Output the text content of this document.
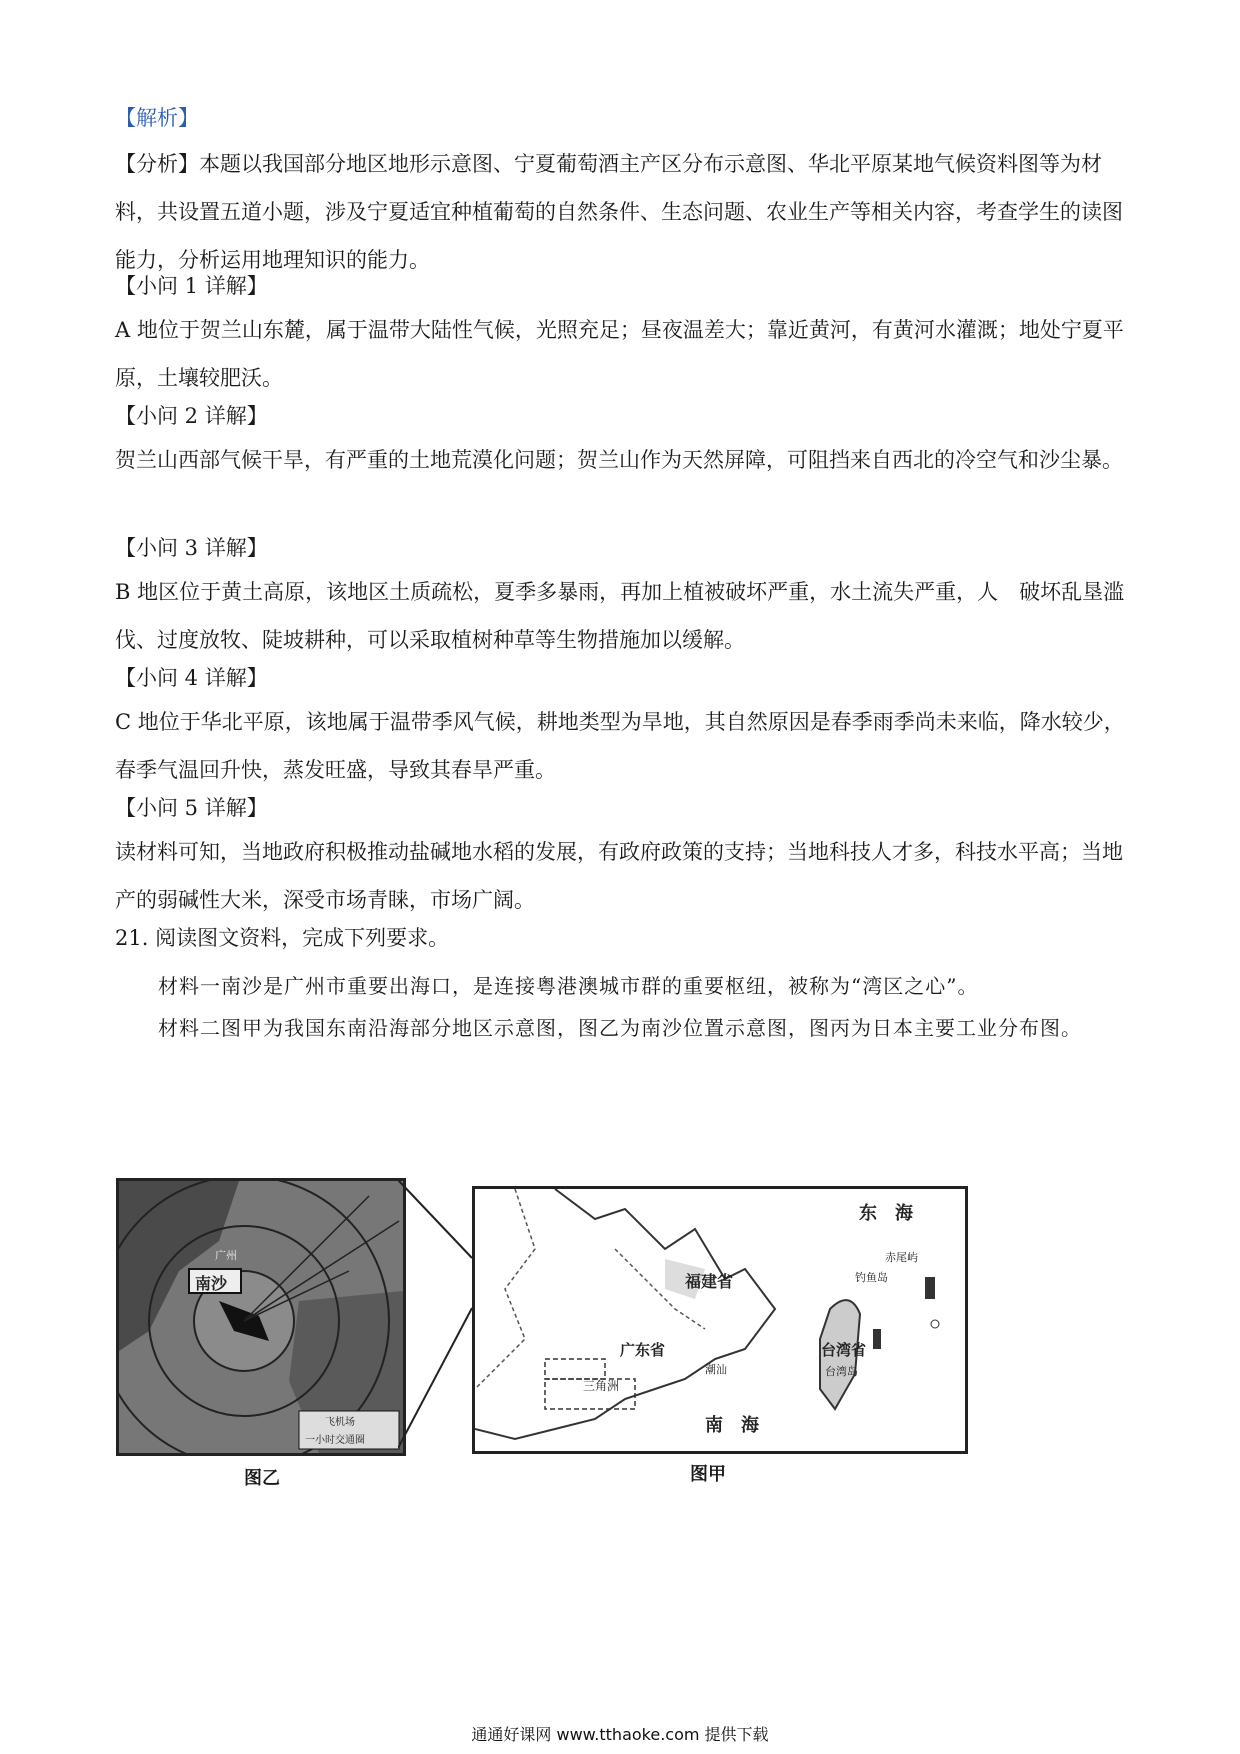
【解析】
【分析】本题以我国部分地区地形示意图、宁夏葡萄酒主产区分布示意图、华北平原某地气候资料图等为材料，共设置五道小题，涉及宁夏适宜种植葡萄的自然条件、生态问题、农业生产等相关内容，考查学生的读图能力，分析运用地理知识的能力。
【小问 1 详解】
A 地位于贺兰山东麓，属于温带大陆性气候，光照充足；昼夜温差大；靠近黄河，有黄河水灌溉；地处宁夏平原，土壤较肥沃。
【小问 2 详解】
贺兰山西部气候干旱，有严重的土地荒漠化问题；贺兰山作为天然屏障，可阻挡来自西北的冷空气和沙尘暴。
【小问 3 详解】
B 地区位于黄土高原，该地区土质疏松，夏季多暴雨，再加上植被破坏严重，水土流失严重，人　破坏乱垦滥伐、过度放牧、陡坡耕种，可以采取植树种草等生物措施加以缓解。
【小问 4 详解】
C 地位于华北平原，该地属于温带季风气候，耕地类型为旱地，其自然原因是春季雨季尚未来临，降水较少，春季气温回升快，蒸发旺盛，导致其春旱严重。
【小问 5 详解】
读材料可知，当地政府积极推动盐碱地水稻的发展，有政府政策的支持；当地科技人才多，科技水平高；当地产的弱碱性大米，深受市场青睐，市场广阔。
21. 阅读图文资料，完成下列要求。
材料一南沙是广州市重要出海口，是连接粤港澳城市群的重要枢纽，被称为“湾区之心”。
材料二图甲为我国东南沿海部分地区示意图，图乙为南沙位置示意图，图丙为日本主要工业分布图。
南沙
广州
飞机场
一小时交通圈
东　海
福建省
赤尾屿
钓鱼岛
台湾省
台湾岛
广东省
潮汕
三角洲
南　海
图乙	图甲
通通好课网 www.tthaoke.com 提供下载
